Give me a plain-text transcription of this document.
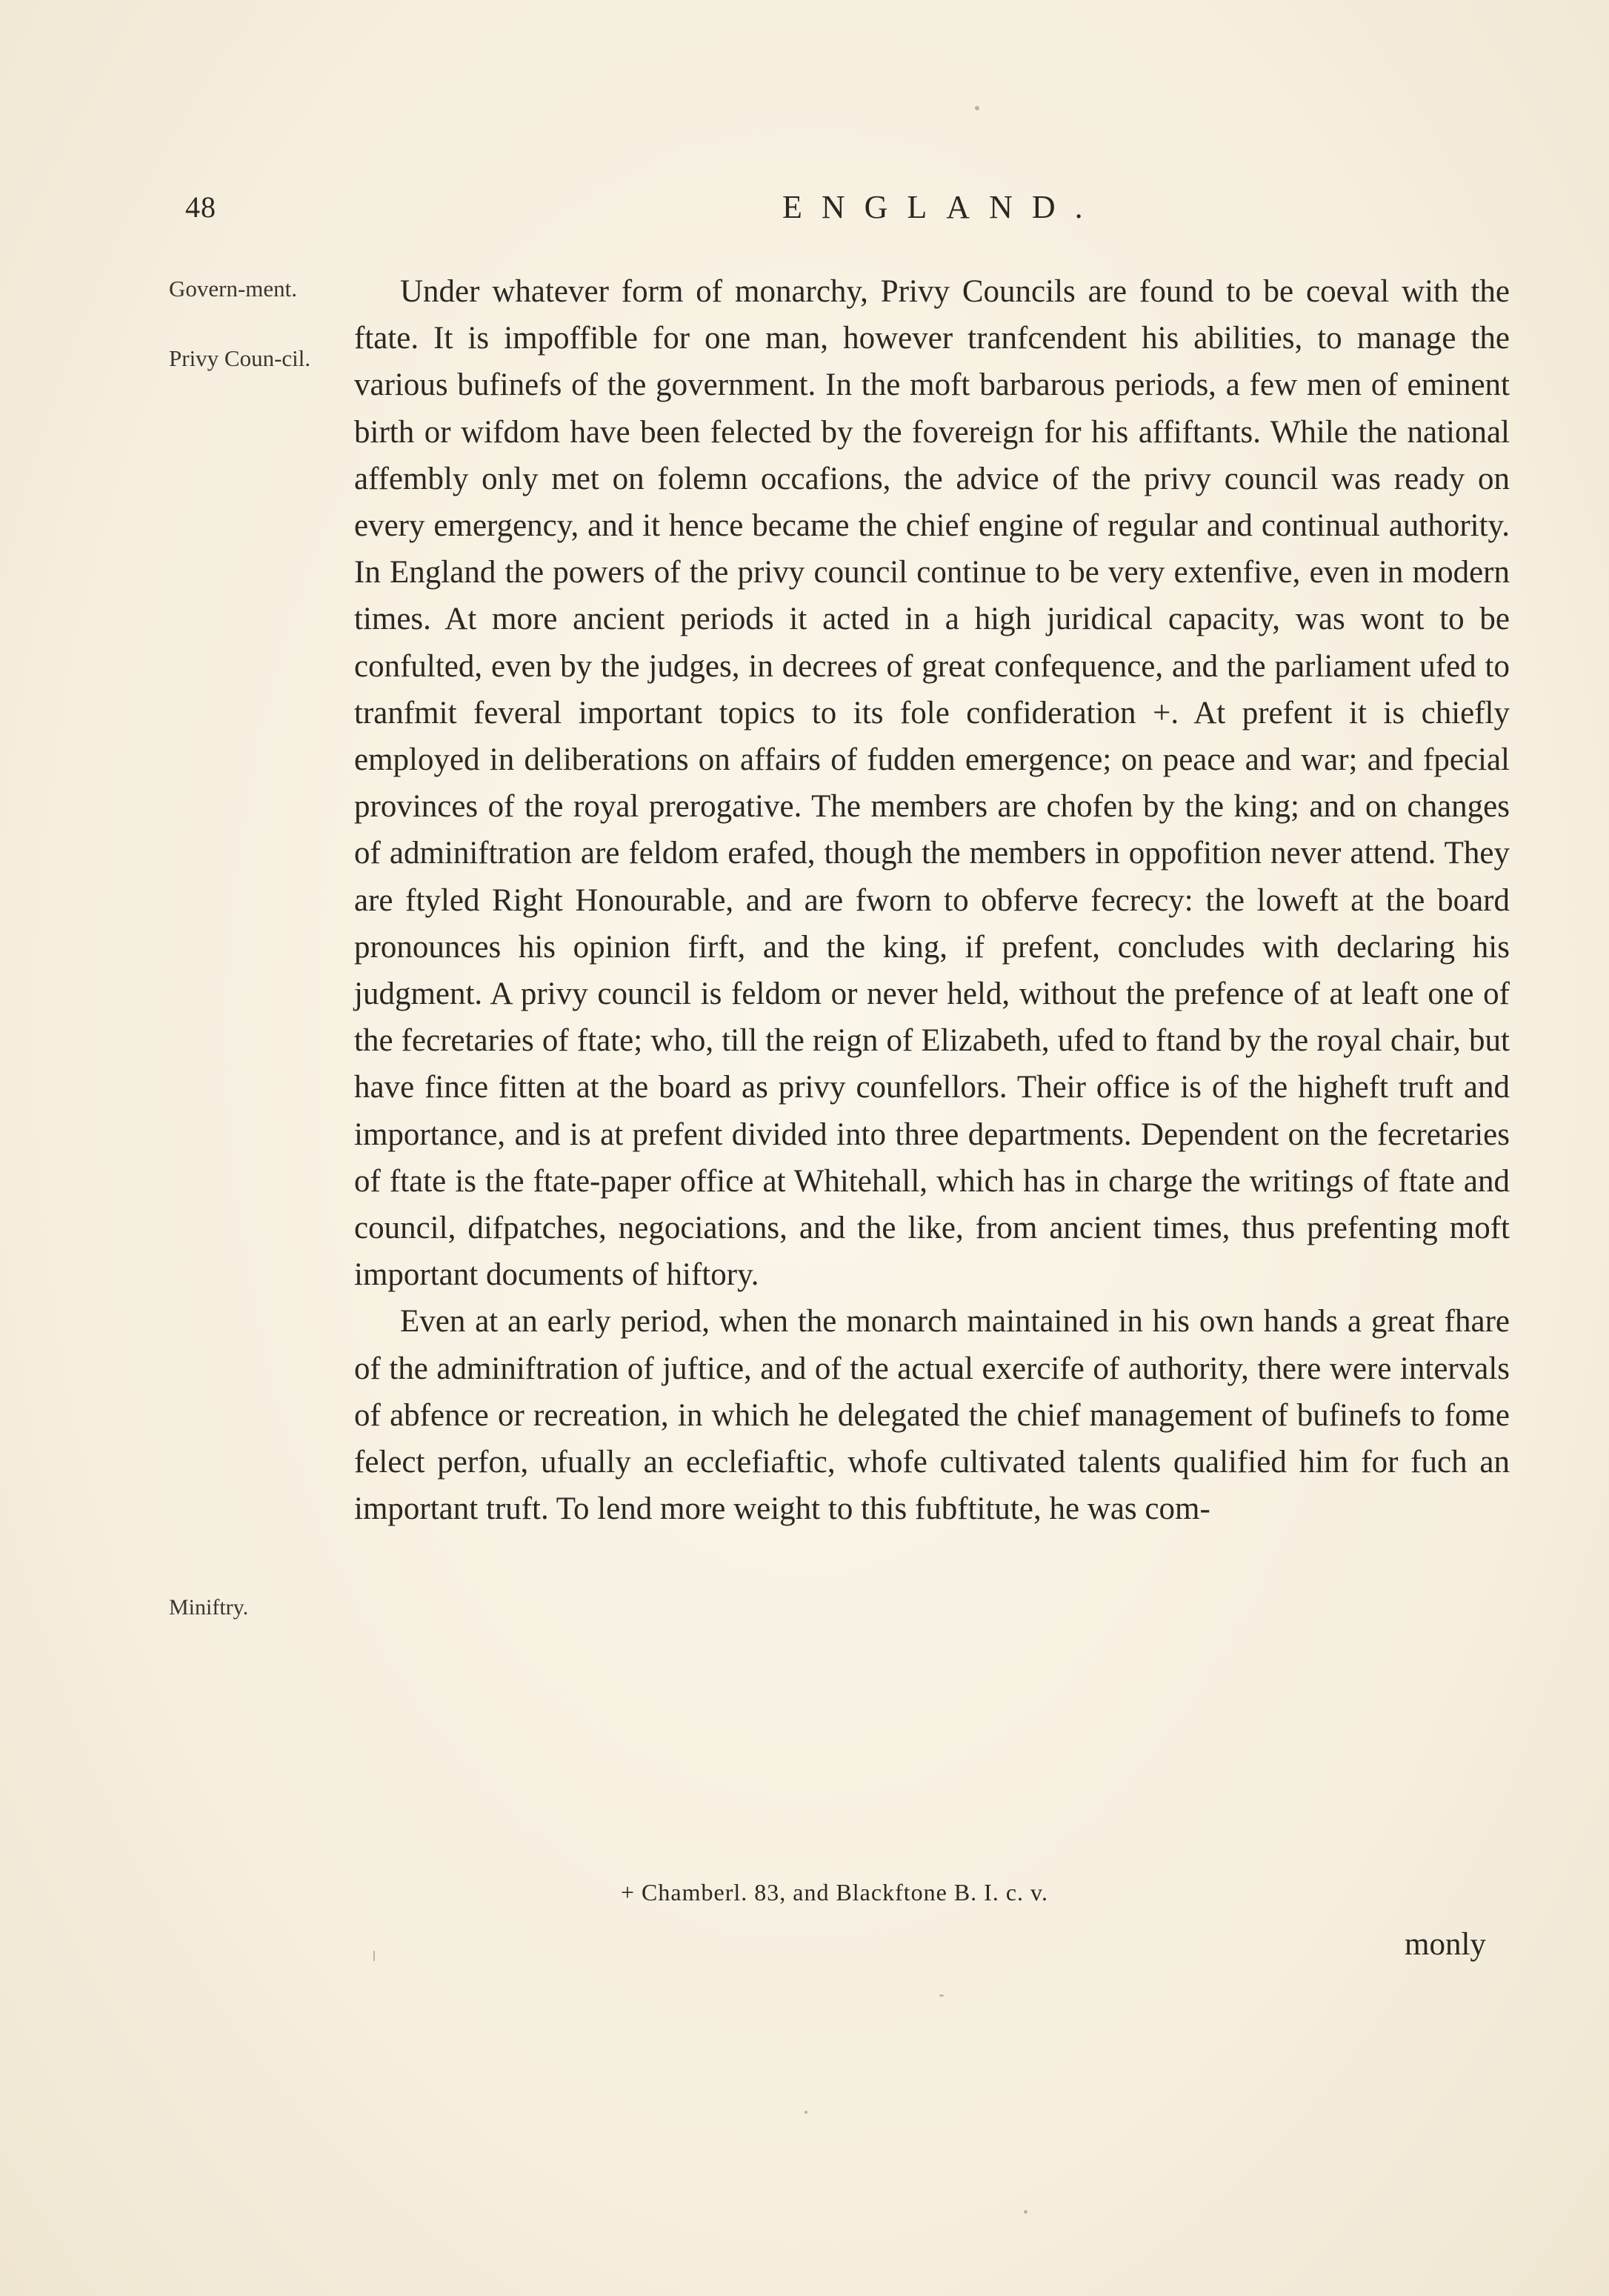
48	ENGLAND.
Govern-ment.
Privy Coun-cil.
Miniftry.

Under whatever form of monarchy, Privy Councils are found to be coeval with the ftate. It is impoffible for one man, however tranfcendent his abilities, to manage the various bufinefs of the government. In the moft barbarous periods, a few men of eminent birth or wifdom have been felected by the fovereign for his affiftants. While the national affembly only met on folemn occafions, the advice of the privy council was ready on every emergency, and it hence became the chief engine of regular and continual authority. In England the powers of the privy council continue to be very extenfive, even in modern times. At more ancient periods it acted in a high juridical capacity, was wont to be confulted, even by the judges, in decrees of great confequence, and the parliament ufed to tranfmit feveral important topics to its fole confideration +. At prefent it is chiefly employed in deliberations on affairs of fudden emergence; on peace and war; and fpecial provinces of the royal prerogative. The members are chofen by the king; and on changes of adminiftration are feldom erafed, though the members in oppofition never attend. They are ftyled Right Honourable, and are fworn to obferve fecrecy: the loweft at the board pronounces his opinion firft, and the king, if prefent, concludes with declaring his judgment. A privy council is feldom or never held, without the prefence of at leaft one of the fecretaries of ftate; who, till the reign of Elizabeth, ufed to ftand by the royal chair, but have fince fitten at the board as privy counfellors. Their office is of the higheft truft and importance, and is at prefent divided into three departments. Dependent on the fecretaries of ftate is the ftate-paper office at Whitehall, which has in charge the writings of ftate and council, difpatches, negociations, and the like, from ancient times, thus prefenting moft important documents of hiftory.

Even at an early period, when the monarch maintained in his own hands a great fhare of the adminiftration of juftice, and of the actual exercife of authority, there were intervals of abfence or recreation, in which he delegated the chief management of bufinefs to fome felect perfon, ufually an ecclefiaftic, whofe cultivated talents qualified him for fuch an important truft. To lend more weight to this fubftitute, he was com-

+ Chamberl. 83, and Blackftone B. I. c. v.
monly
